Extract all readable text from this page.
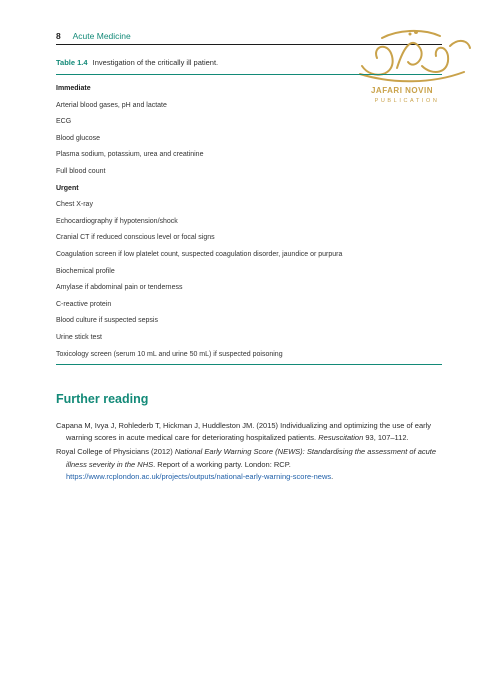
8 Acute Medicine
JAFARI NOVIN
PUBLICATION
Table 1.4 Investigation of the critically ill patient.
Immediate
Arterial blood gases, pH and lactate
ECG
Blood glucose
Plasma sodium, potassium, urea and creatinine
Full blood count
Urgent
Chest X-ray
Echocardiography if hypotension/shock
Cranial CT if reduced conscious level or focal signs
Coagulation screen if low platelet count, suspected coagulation disorder, jaundice or purpura
Biochemical profile
Amylase if abdominal pain or tenderness
C-reactive protein
Blood culture if suspected sepsis
Urine stick test
Toxicology screen (serum 10 mL and urine 50 mL) if suspected poisoning
Further reading
Capana M, Ivya J, Rohlederb T, Hickman J, Huddleston JM. (2015) Individualizing and optimizing the use of early warning scores in acute medical care for deteriorating hospitalized patients. Resuscitation 93, 107–112.
Royal College of Physicians (2012) National Early Warning Score (NEWS): Standardising the assessment of acute illness severity in the NHS. Report of a working party. London: RCP. https://www.rcplondon.ac.uk/projects/outputs/national-early-warning-score-news.
